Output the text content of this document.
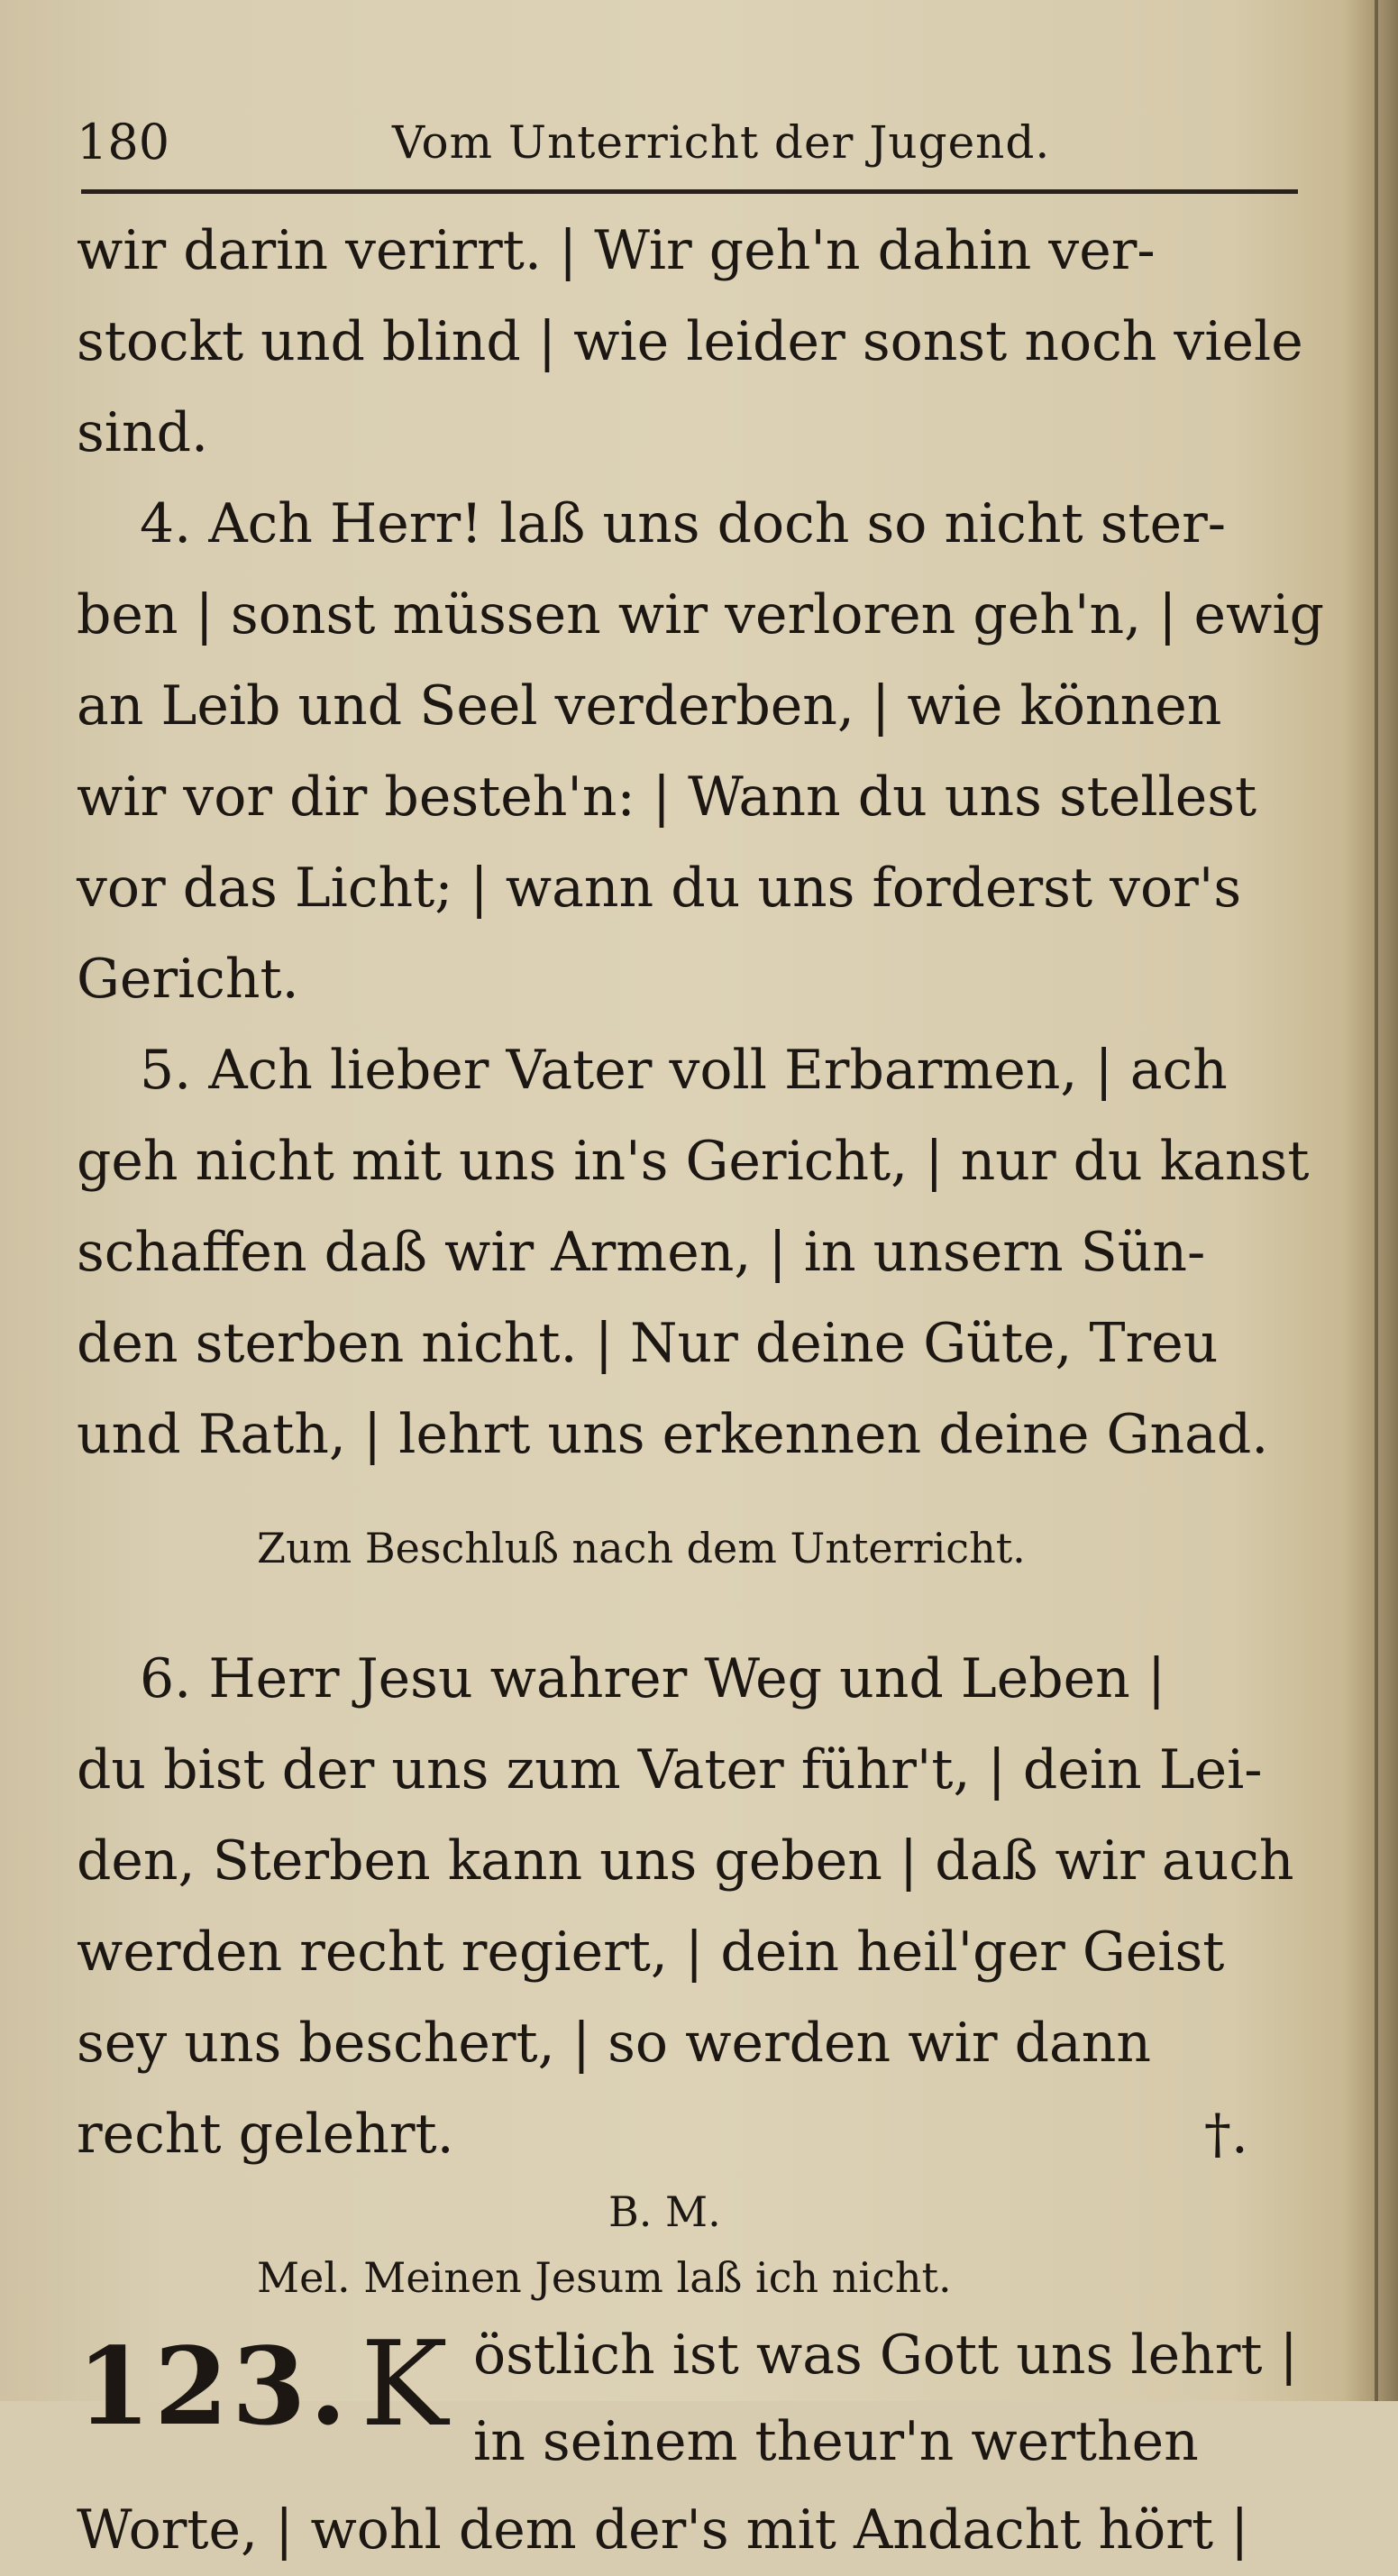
180	Vom Unterricht der Jugend.
wir darin verirrt. | Wir geh'n dahin ver-
stockt und blind | wie leider sonst noch viele
sind.
4. Ach Herr! laß uns doch so nicht ster-
ben | sonst müssen wir verloren geh'n, | ewig
an Leib und Seel verderben, | wie können
wir vor dir besteh'n: | Wann du uns stellest
vor das Licht; | wann du uns forderst vor's
Gericht.
5. Ach lieber Vater voll Erbarmen, | ach
geh nicht mit uns in's Gericht, | nur du kanst
schaffen daß wir Armen, | in unsern Sün-
den sterben nicht. | Nur deine Güte, Treu
und Rath, | lehrt uns erkennen deine Gnad.
Zum Beschluß nach dem Unterricht.
6. Herr Jesu wahrer Weg und Leben |
du bist der uns zum Vater führ't, | dein Lei-
den, Sterben kann uns geben | daß wir auch
werden recht regiert, | dein heil'ger Geist
sey uns beschert, | so werden wir dann
recht gelehrt.	†.
B. M.
Mel. Meinen Jesum laß ich nicht.
123. K östlich ist was Gott uns lehrt |
in seinem theur'n werthen
Worte, | wohl dem der's mit Andacht hört |
